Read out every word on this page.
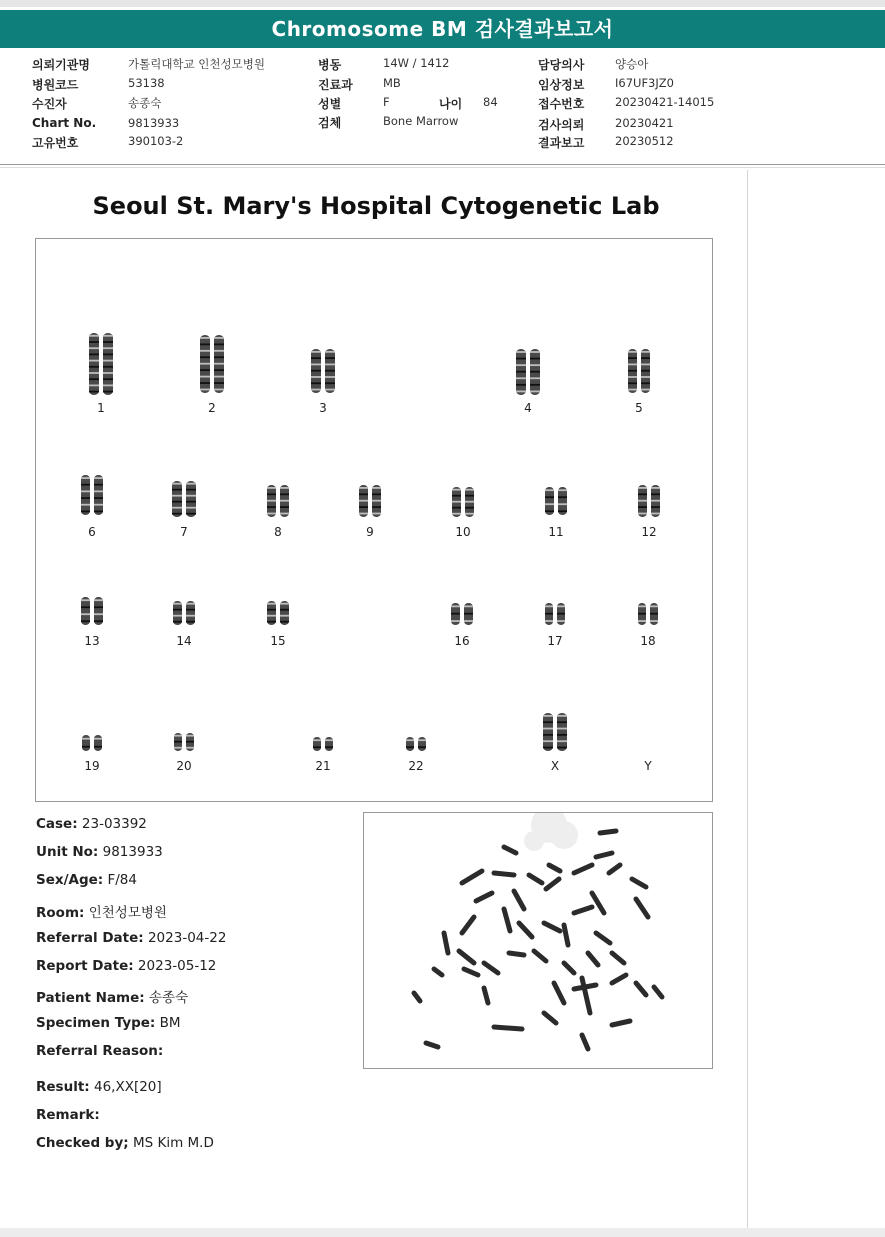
Chromosome BM 검사결과보고서
의뢰기관명	가톨릭대학교 인천성모병원
병원코드	53138
수진자	송종숙
Chart No.	9813933
고유번호	390103-2
병동	14W / 1412
진료과	MB
성별	F	나이 84
검체	Bone Marrow
담당의사	양승아
임상정보	I67UF3JZ0
접수번호	20230421-14015
검사의뢰	20230421
결과보고	20230512
Seoul St. Mary's Hospital Cytogenetic Lab
1	2	3	4	5
6	7	8	9	10	11	12
13	14	15	16	17	18
19	20	21	22	X	Y
Case: 23-03392
Unit No: 9813933
Sex/Age: F/84
Room: 인천성모병원
Referral Date: 2023-04-22
Report Date: 2023-05-12
Patient Name: 송종숙
Specimen Type: BM
Referral Reason:
Result: 46,XX[20]
Remark:
Checked by; MS Kim M.D
